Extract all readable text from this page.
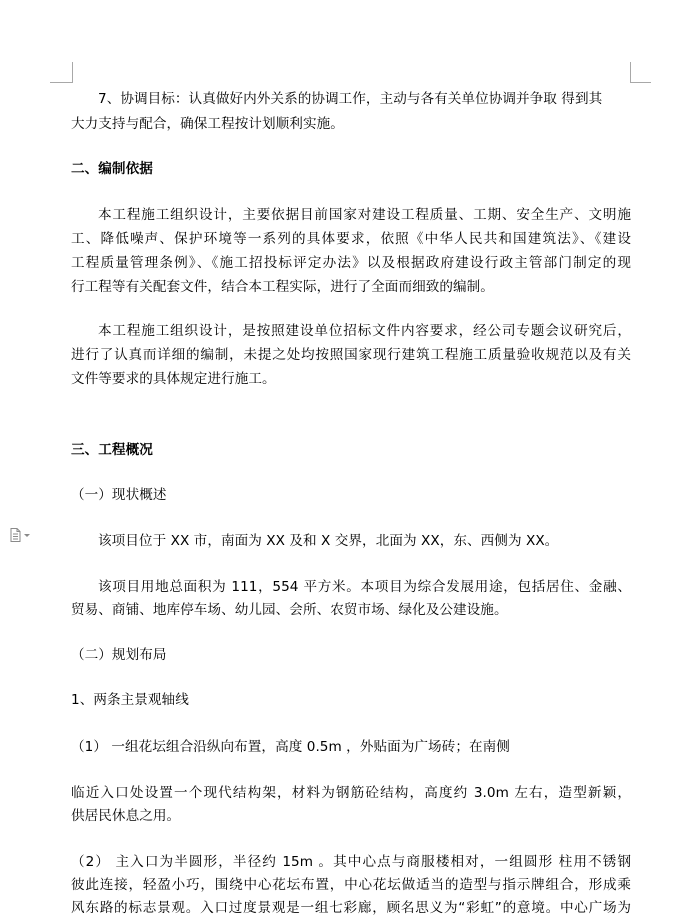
7、协调目标：认真做好内外关系的协调工作，主动与各有关单位协调并争取 得到其
大力支持与配合，确保工程按计划顺利实施。
二、编制依据
本工程施工组织设计，主要依据目前国家对建设工程质量、工期、安全生产、文明施
工、降低噪声、保护环境等一系列的具体要求，依照《中华人民共和国建筑法》、《建设
工程质量管理条例》、《施工招投标评定办法》以及根据政府建设行政主管部门制定的现
行工程等有关配套文件，结合本工程实际，进行了全面而细致的编制。
本工程施工组织设计，是按照建设单位招标文件内容要求，经公司专题会议研究后，
进行了认真而详细的编制，未提之处均按照国家现行建筑工程施工质量验收规范以及有关
文件等要求的具体规定进行施工。
三、工程概况
（一）现状概述
该项目位于 XX 市，南面为 XX 及和 X 交界，北面为 XX，东、西侧为 XX。
该项目用地总面积为 111，554 平方米。本项目为综合发展用途，包括居住、金融、
贸易、商铺、地库停车场、幼儿园、会所、农贸市场、绿化及公建设施。
（二）规划布局
1、两条主景观轴线
（1） 一组花坛组合沿纵向布置，高度 0.5m ，外贴面为广场砖；在南侧
临近入口处设置一个现代结构架，材料为钢筋砼结构，高度约 3.0m 左右，造型新颖，
供居民休息之用。
（2） 主入口为半圆形，半径约 15m 。其中心点与商服楼相对，一组圆形 柱用不锈钢
彼此连接，轻盈小巧，围绕中心花坛布置，中心花坛做适当的造型与指示牌组合，形成乘
风东路的标志景观。入口过度景观是一组七彩廊，顾名思义为“彩虹”的意境。中心广场为
